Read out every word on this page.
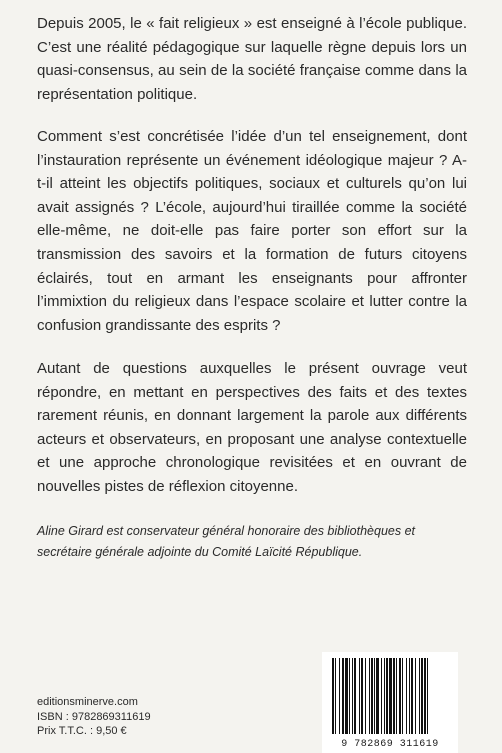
Depuis 2005, le « fait religieux » est enseigné à l’école publique. C’est une réalité pédagogique sur laquelle règne depuis lors un quasi-consensus, au sein de la société française comme dans la représentation politique.

Comment s’est concrétisée l’idée d’un tel enseignement, dont l’instauration représente un événement idéologique majeur ? A-t-il atteint les objectifs politiques, sociaux et culturels qu’on lui avait assignés ? L’école, aujourd’hui tiraillée comme la société elle-même, ne doit-elle pas faire porter son effort sur la transmission des savoirs et la formation de futurs citoyens éclairés, tout en armant les enseignants pour affronter l’immixtion du religieux dans l’espace scolaire et lutter contre la confusion grandissante des esprits ?

Autant de questions auxquelles le présent ouvrage veut répondre, en mettant en perspectives des faits et des textes rarement réunis, en donnant largement la parole aux différents acteurs et observateurs, en proposant une analyse contextuelle et une approche chronologique revisitées et en ouvrant de nouvelles pistes de réflexion citoyenne.

Aline Girard est conservateur général honoraire des bibliothèques et secrétaire générale adjointe du Comité Laïcité République.

editionsminerve.com
ISBN : 9782869311619
Prix T.T.C. : 9,50 €
9 782869 311619
